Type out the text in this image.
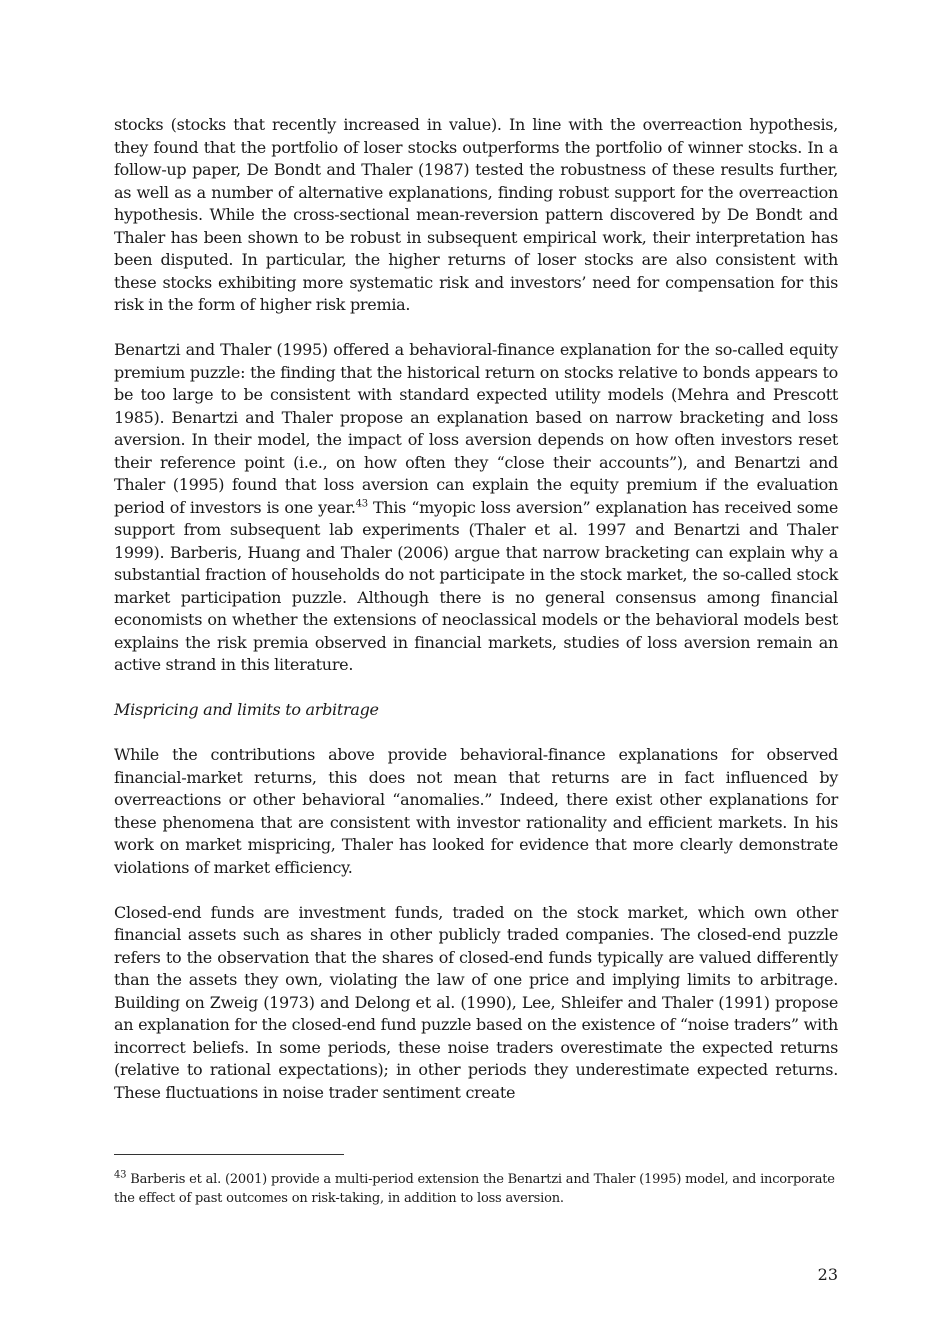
stocks (stocks that recently increased in value). In line with the overreaction hypothesis, they found that the portfolio of loser stocks outperforms the portfolio of winner stocks. In a follow-up paper, De Bondt and Thaler (1987) tested the robustness of these results further, as well as a number of alternative explanations, finding robust support for the overreaction hypothesis. While the cross-sectional mean-reversion pattern discovered by De Bondt and Thaler has been shown to be robust in subsequent empirical work, their interpretation has been disputed. In particular, the higher returns of loser stocks are also consistent with these stocks exhibiting more systematic risk and investors’ need for compensation for this risk in the form of higher risk premia.

Benartzi and Thaler (1995) offered a behavioral-finance explanation for the so-called equity premium puzzle: the finding that the historical return on stocks relative to bonds appears to be too large to be consistent with standard expected utility models (Mehra and Prescott 1985). Benartzi and Thaler propose an explanation based on narrow bracketing and loss aversion. In their model, the impact of loss aversion depends on how often investors reset their reference point (i.e., on how often they “close their accounts”), and Benartzi and Thaler (1995) found that loss aversion can explain the equity premium if the evaluation period of investors is one year.$^{43}$ This “myopic loss aversion” explanation has received some support from subsequent lab experiments (Thaler et al. 1997 and Benartzi and Thaler 1999). Barberis, Huang and Thaler (2006) argue that narrow bracketing can explain why a substantial fraction of households do not participate in the stock market, the so-called stock market participation puzzle. Although there is no general consensus among financial economists on whether the extensions of neoclassical models or the behavioral models best explains the risk premia observed in financial markets, studies of loss aversion remain an active strand in this literature.

Mispricing and limits to arbitrage

While the contributions above provide behavioral-finance explanations for observed financial-market returns, this does not mean that returns are in fact influenced by overreactions or other behavioral “anomalies.” Indeed, there exist other explanations for these phenomena that are consistent with investor rationality and efficient markets. In his work on market mispricing, Thaler has looked for evidence that more clearly demonstrate violations of market efficiency.

Closed-end funds are investment funds, traded on the stock market, which own other financial assets such as shares in other publicly traded companies. The closed-end puzzle refers to the observation that the shares of closed-end funds typically are valued differently than the assets they own, violating the law of one price and implying limits to arbitrage. Building on Zweig (1973) and Delong et al. (1990), Lee, Shleifer and Thaler (1991) propose an explanation for the closed-end fund puzzle based on the existence of “noise traders” with incorrect beliefs. In some periods, these noise traders overestimate the expected returns (relative to rational expectations); in other periods they underestimate expected returns. These fluctuations in noise trader sentiment create

$^{43}$ Barberis et al. (2001) provide a multi-period extension the Benartzi and Thaler (1995) model, and incorporate the effect of past outcomes on risk-taking, in addition to loss aversion.
23
